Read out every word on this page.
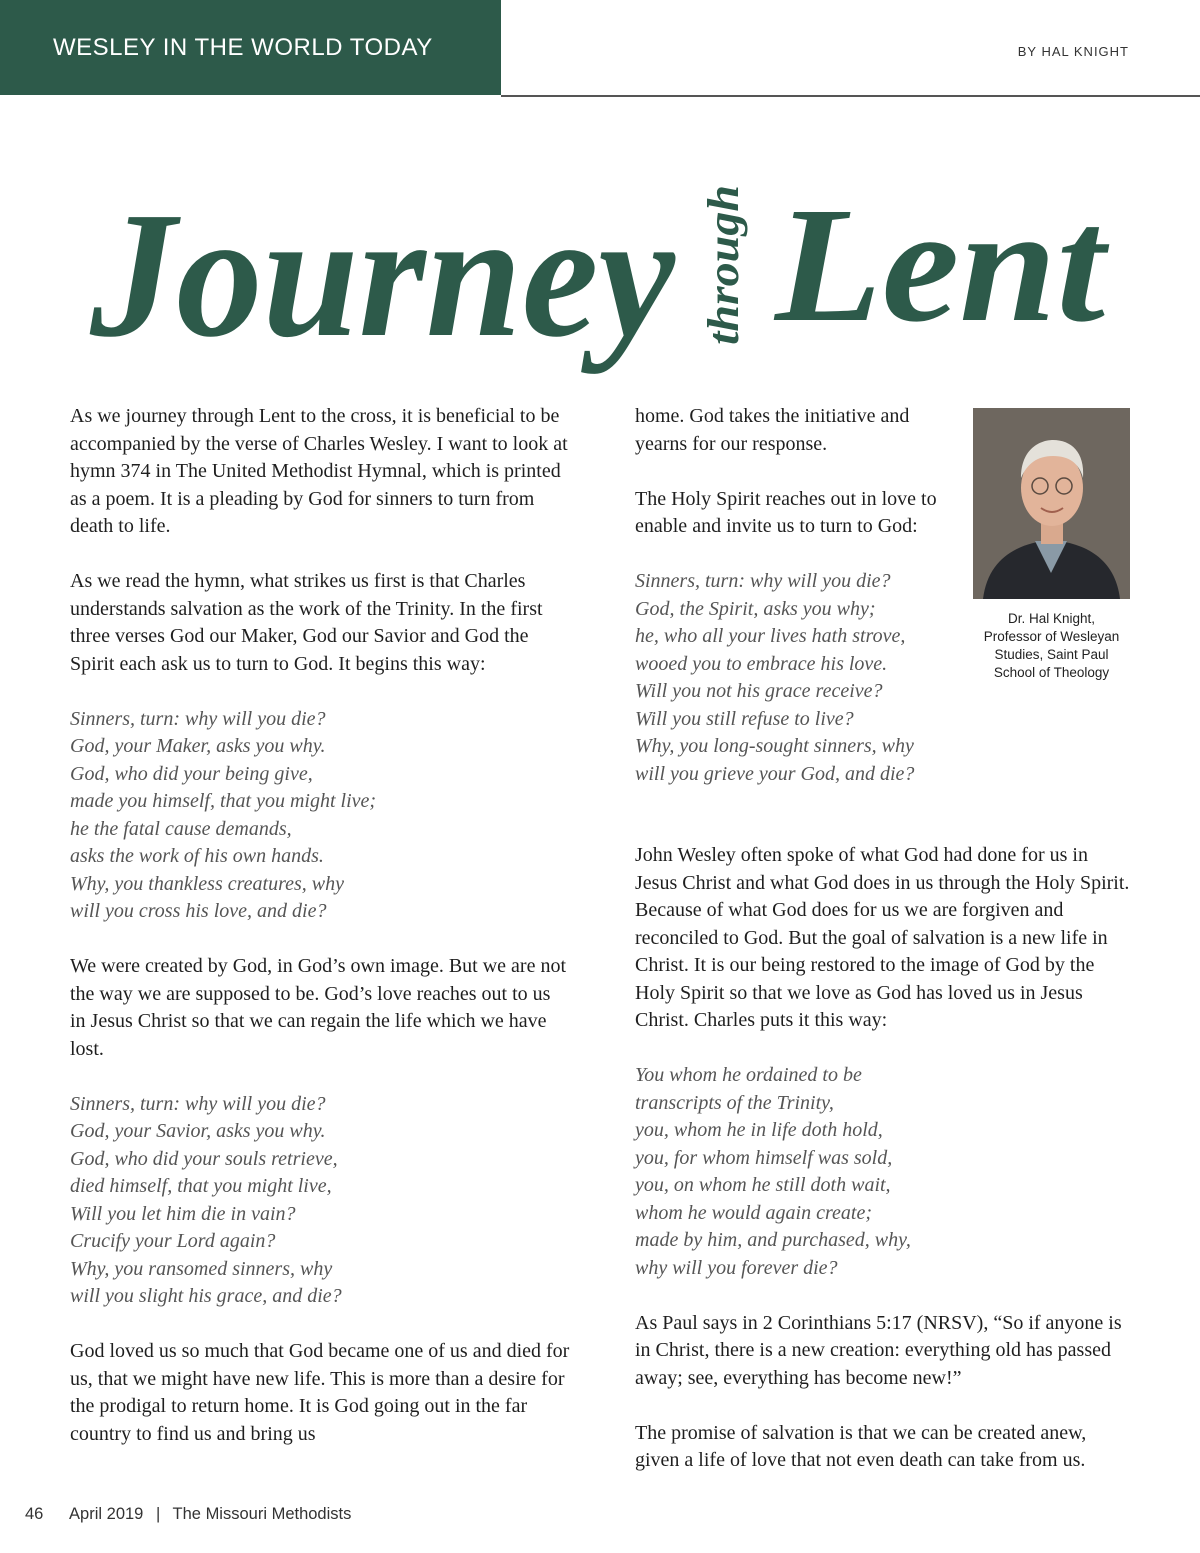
WESLEY IN THE WORLD TODAY	BY HAL KNIGHT
Journey through Lent

As we journey through Lent to the cross, it is beneficial to be accompanied by the verse of Charles Wesley. I want to look at hymn 374 in The United Methodist Hymnal, which is printed as a poem. It is a pleading by God for sinners to turn from death to life.

As we read the hymn, what strikes us first is that Charles understands salvation as the work of the Trinity. In the first three verses God our Maker, God our Savior and God the Spirit each ask us to turn to God. It begins this way:

Sinners, turn: why will you die?
God, your Maker, asks you why.
God, who did your being give,
made you himself, that you might live;
he the fatal cause demands,
asks the work of his own hands.
Why, you thankless creatures, why
will you cross his love, and die?

We were created by God, in God’s own image. But we are not the way we are supposed to be. God’s love reaches out to us in Jesus Christ so that we can regain the life which we have lost.

Sinners, turn: why will you die?
God, your Savior, asks you why.
God, who did your souls retrieve,
died himself, that you might live,
Will you let him die in vain?
Crucify your Lord again?
Why, you ransomed sinners, why
will you slight his grace, and die?

God loved us so much that God became one of us and died for us, that we might have new life. This is more than a desire for the prodigal to return home. It is God going out in the far country to find us and bring us

home. God takes the initiative and yearns for our response.

The Holy Spirit reaches out in love to enable and invite us to turn to God:

Sinners, turn: why will you die?
God, the Spirit, asks you why;
he, who all your lives hath strove,
wooed you to embrace his love.
Will you not his grace receive?
Will you still refuse to live?
Why, you long-sought sinners, why
will you grieve your God, and die?

Dr. Hal Knight,
Professor of Wesleyan
Studies, Saint Paul
School of Theology

John Wesley often spoke of what God had done for us in Jesus Christ and what God does in us through the Holy Spirit. Because of what God does for us we are forgiven and reconciled to God. But the goal of salvation is a new life in Christ. It is our being restored to the image of God by the Holy Spirit so that we love as God has loved us in Jesus Christ. Charles puts it this way:

You whom he ordained to be
transcripts of the Trinity,
you, whom he in life doth hold,
you, for whom himself was sold,
you, on whom he still doth wait,
whom he would again create;
made by him, and purchased, why,
why will you forever die?

As Paul says in 2 Corinthians 5:17 (NRSV), “So if anyone is in Christ, there is a new creation: everything old has passed away; see, everything has become new!”

The promise of salvation is that we can be created anew, given a life of love that not even death can take from us.

46 April 2019 | The Missouri Methodists
